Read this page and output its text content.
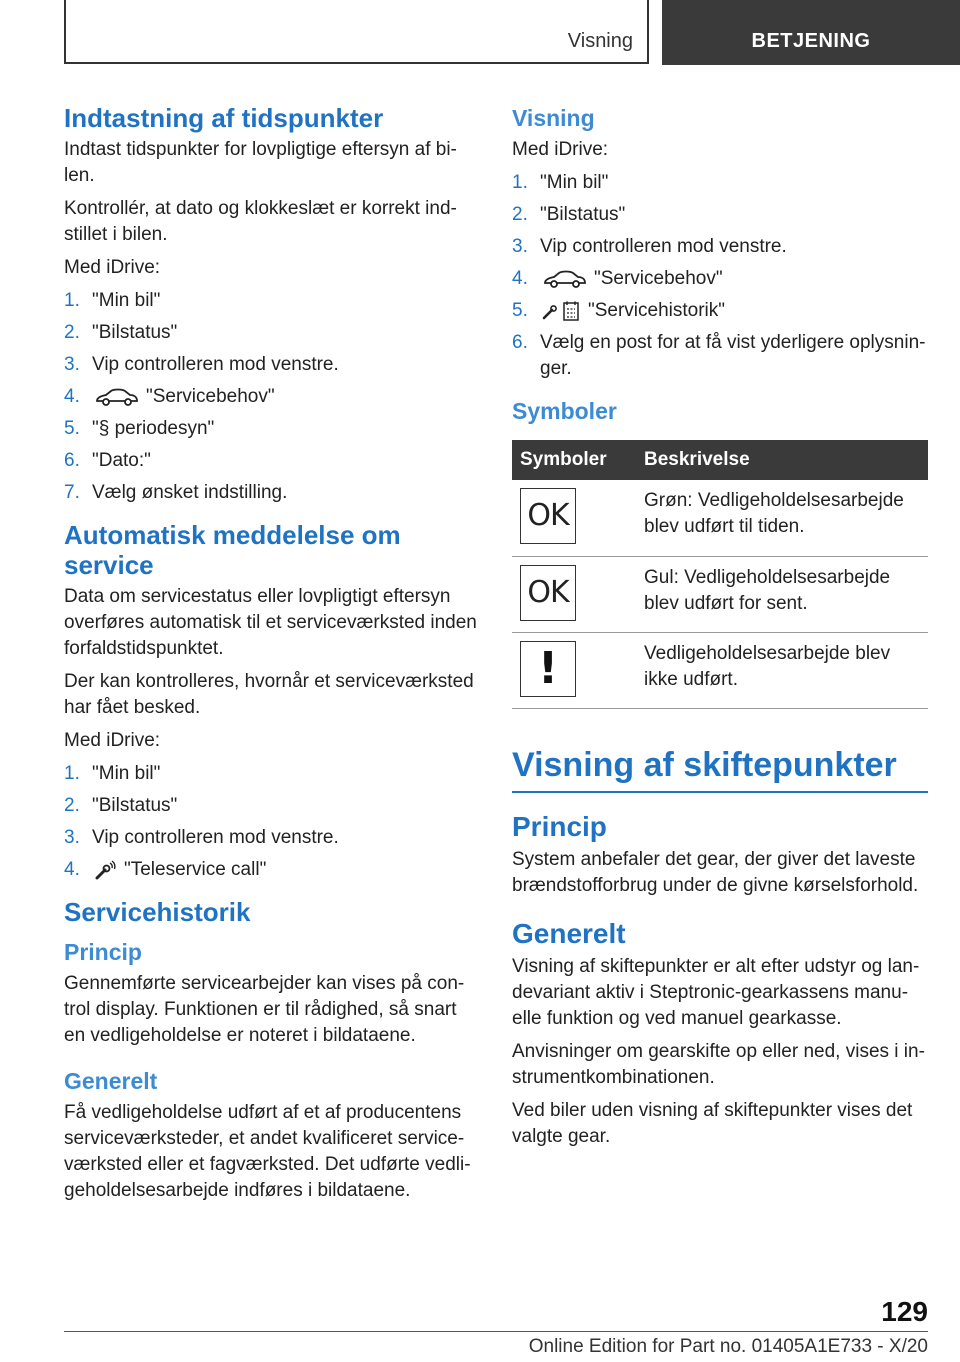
Visning	BETJENING
Indtastning af tidspunkter

Indtast tidspunkter for lovpligtige eftersyn af bi-len.

Kontrollér, at dato og klokkeslæt er korrekt ind-stillet i bilen.

Med iDrive:

1. "Min bil"
2. "Bilstatus"
3. Vip controlleren mod venstre.
4.	"Servicebehov"
5. "§ periodesyn"
6. "Dato:"
7. Vælg ønsket indstilling.
Automatisk meddelelse om service

Data om servicestatus eller lovpligtigt eftersyn overføres automatisk til et serviceværksted inden forfaldstidspunktet.

Der kan kontrolleres, hvornår et serviceværksted har fået besked.

Med iDrive:

1. "Min bil"
2. "Bilstatus"
3. Vip controlleren mod venstre.
4.	"Teleservice call"
Servicehistorik
Princip

Gennemførte servicearbejder kan vises på con-trol display. Funktionen er til rådighed, så snart en vedligeholdelse er noteret i bildataene.

Generelt

Få vedligeholdelse udført af et af producentens serviceværksteder, et andet kvalificeret service-værksted eller et fagværksted. Det udførte vedli-geholdelsesarbejde indføres i bildataene.

Visning

Med iDrive:

1. "Min bil"
2. "Bilstatus"
3. Vip controlleren mod venstre.
4.	"Servicebehov"
5.	"Servicehistorik"
6. Vælg en post for at få vist yderligere oplysnin-ger.
Symboler
Symboler	Beskrivelse

OK	Grøn: Vedligeholdelsesarbejde blev udført til tiden.

OK	Gul: Vedligeholdelsesarbejde blev udført for sent.

!	Vedligeholdelsesarbejde blev ikke udført.
Visning af skiftepunkter
Princip

System anbefaler det gear, der giver det laveste brændstofforbrug under de givne kørselsforhold.

Generelt

Visning af skiftepunkter er alt efter udstyr og lan-devariant aktiv i Steptronic-gearkassens manu-elle funktion og ved manuel gearkasse.

Anvisninger om gearskifte op eller ned, vises i in-strumentkombinationen.

Ved biler uden visning af skiftepunkter vises det valgte gear.

129
Online Edition for Part no. 01405A1E733 - X/20
